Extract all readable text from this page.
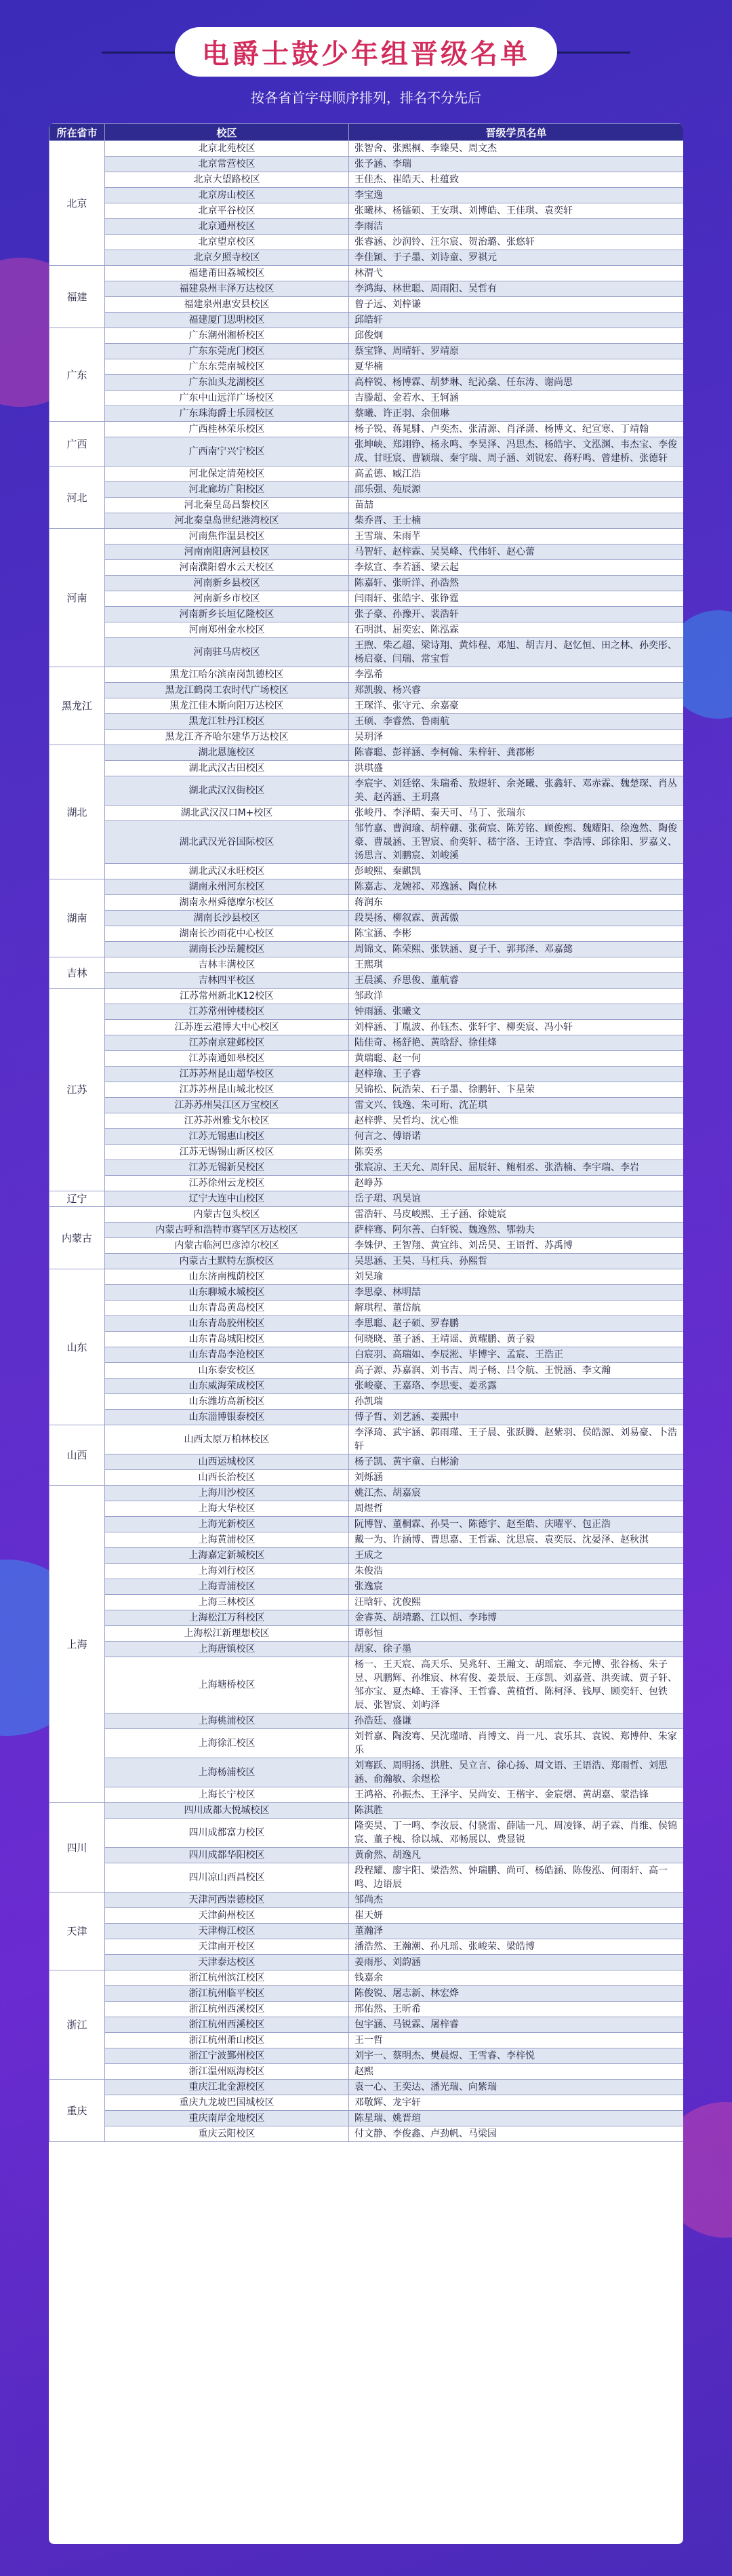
电爵士鼓少年组晋级名单
按各省首字母顺序排列，排名不分先后
所在省市	校区	晋级学员名单
北京	北京北苑校区	张智舍、张熙桐、李臻昊、周文杰
	北京常营校区	张予涵、李瑞
	北京大望路校区	王佳杰、崔皓天、杜蕴致
	北京房山校区	李宝逸
	北京平谷校区	张曦林、杨镭硕、王安琪、刘博皓、王佳琪、袁奕轩
	北京通州校区	李雨洁
	北京望京校区	张睿涵、沙润铃、汪尔宸、贺治璐、张悠轩
	北京夕照寺校区	李佳颖、于子墨、刘诗童、罗祺元
福建	福建莆田荔城校区	林渭弋
	福建泉州丰泽万达校区	李鸿海、林世聪、周雨阳、吴哲有
	福建泉州惠安县校区	曾子远、刘梓谦
	福建厦门思明校区	邱皓轩
广东	广东潮州湘桥校区	邱俊炯
	广东东莞虎门校区	蔡宝锋、周晴轩、罗靖原
	广东东莞南城校区	夏华楠
	广东汕头龙湖校区	高梓锐、杨博霖、胡梦琳、纪沁燊、任东涛、谢尚思
	广东中山远洋广场校区	吉滕超、金若水、王轲涵
	广东珠海爵士乐园校区	蔡曦、许正羽、余佃琳
广西	广西桂林荣乐校区	杨子锐、蒋晁騑、卢奕杰、张清源、肖泽潇、杨博文、纪宣寒、丁靖翰
	广西南宁兴宁校区	张坤峡、郑翊铮、杨永鸣、李昊泽、冯思杰、杨皓宇、文泓渊、韦杰宝、李俊成、甘旺宸、曹颖瑞、秦宇瑞、周子涵、刘锐宏、蒋籽鸣、曾建桥、张德轩
河北	河北保定清苑校区	高孟德、臧江浩
	河北廊坊广阳校区	邵乐强、苑辰源
	河北秦皇岛昌黎校区	苗喆
	河北秦皇岛世纪港湾校区	柴乔晋、王士楠
河南	河南焦作温县校区	王雪瑞、朱雨芊
	河南南阳唐河县校区	马智轩、赵梓霖、吴昊峰、代伟轩、赵心蕾
	河南濮阳碧水云天校区	李炫宣、李若涵、梁云起
	河南新乡县校区	陈嘉轩、张昕洋、孙浩然
	河南新乡市校区	闫雨轩、张皓宇、张铮霆
	河南新乡长垣亿隆校区	张子豪、孙豫开、裴浩轩
	河南郑州金水校区	石明淇、屈奕宏、陈泓霖
	河南驻马店校区	王煦、柴乙超、梁诗翔、黄炜程、邓旭、胡吉月、赵忆恒、田之林、孙奕彤、杨启豪、闫瑞、常宝哲
黑龙江	黑龙江哈尔滨南岗凯德校区	李泓希
	黑龙江鹤岗工农时代广场校区	郑凯骏、杨兴睿
	黑龙江佳木斯向阳万达校区	王琛洋、张守元、余嘉豪
	黑龙江牡丹江校区	王硕、李睿然、鲁雨航
	黑龙江齐齐哈尔建华万达校区	吴玥泽
湖北	湖北恩施校区	陈睿聪、彭祥涵、李柯翰、朱梓轩、龚郡彬
	湖北武汉古田校区	洪琪盛
	湖北武汉汉街校区	李宸宇、刘廷铭、朱瑞希、敖煜轩、余尧曦、张鑫轩、邓赤霖、魏楚琛、肖丛美、赵芮涵、王玥熹
	湖北武汉汉口M+校区	张峻丹、李泽晴、秦天可、马丁、张瑞东
	湖北武汉光谷国际校区	邹竹嘉、曹润瑜、胡梓硼、张荷宸、陈芳铭、顾俊熙、魏耀阳、徐逸然、陶俊豪、曹晟涵、王智宸、俞奕轩、嵇宇洛、王诗宜、李浩博、邱徐阳、罗嘉义、汤思言、刘鹏宸、刘峻溪
	湖北武汉永旺校区	彭峻熙、秦麒凯
湖南	湖南永州河东校区	陈嘉志、龙婉祁、邓逸涵、陶位林
	湖南永州舜德摩尔校区	蒋润东
	湖南长沙县校区	段昊扬、柳叙霖、黄茜傲
	湖南长沙雨花中心校区	陈宝涵、李彬
	湖南长沙岳麓校区	周锦文、陈荣熙、张铁涵、夏子千、郭邦泽、邓嘉懿
吉林	吉林丰满校区	王熙琪
	吉林四平校区	王晨溪、乔思俊、董航睿
江苏	江苏常州新北K12校区	邹政洋
	江苏常州钟楼校区	钟雨涵、张曦文
	江苏连云港博大中心校区	刘梓涵、丁胤波、孙钰杰、张轩宇、柳奕宸、冯小轩
	江苏南京建邺校区	陆佳奇、杨舒艳、黄晗舒、徐佳烽
	江苏南通如皋校区	黄瑞聪、赵一何
	江苏苏州昆山超华校区	赵梓瑜、王子睿
	江苏苏州昆山城北校区	吴锦松、阮浩荣、石子墨、徐鹏轩、卞星荣
	江苏苏州吴江区万宝校区	雷文兴、钱逸、朱可珩、沈芷琪
	江苏苏州雅戈尔校区	赵梓骅、吴哲均、沈心惟
	江苏无锡惠山校区	何言之、傅语诺
	江苏无锡锡山新区校区	陈奕丞
	江苏无锡新吴校区	张宸凉、王天允、周轩民、屈辰轩、鲍相丞、张浩楠、李宇瑞、李岩
	江苏徐州云龙校区	赵峥苏
辽宁	辽宁大连中山校区	岳子珺、巩昊谊
内蒙古	内蒙古包头校区	雷浩轩、马皮峻熙、王子涵、徐婕宸
	内蒙古呼和浩特市赛罕区万达校区	萨梓骞、阿尔善、白轩锐、魏逸然、鄂勃夫
	内蒙古临河巴彦淖尔校区	李姝伊、王智翔、黄宜纬、刘岳昊、王语哲、苏禹博
	内蒙古土默特左旗校区	吴思涵、王昊、马杠兵、孙熙哲
山东	山东济南槐荫校区	刘昊瑜
	山东聊城水城校区	李思豪、林明喆
	山东青岛黄岛校区	解琪程、董岱航
	山东青岛胶州校区	李思聪、赵子硕、罗春鹏
	山东青岛城阳校区	何晓晓、董子涵、王靖谣、黄耀鹏、黄子毅
	山东青岛李沧校区	白宸羽、高瑞如、李辰淞、毕博宇、孟宸、王浩正
	山东泰安校区	高子源、苏嘉润、刘书吉、周子畅、吕令航、王悦涵、李文瀚
	山东威海荣成校区	张峻豪、王嘉珞、李思雯、姜丞露
	山东潍坊高新校区	孙凯瑞
	山东淄博银泰校区	傅子哲、刘艺涵、姜熙中
山西	山西太原万柏林校区	李泽琦、武宇涵、郭雨瑾、王子晨、张跃腾、赵紫羽、侯皓源、刘易豪、卜浩轩
	山西运城校区	杨子凯、黄宇童、白彬渝
	山西长治校区	刘烁涵
上海	上海川沙校区	姚江杰、胡嘉宸
	上海大华校区	周煜哲
	上海光新校区	阮博智、董桐霖、孙昊一、陈德宇、赵至皓、庆曜平、包正浩
	上海黄浦校区	戴一为、许涵博、曹思嘉、王哲霖、沈思宸、袁奕辰、沈晏泽、赵秋淇
	上海嘉定新城校区	王成之
	上海刘行校区	朱俊浩
	上海青浦校区	张逸宸
	上海三林校区	汪晗轩、沈俊熙
	上海松江万科校区	金睿英、胡靖璐、江以恒、李玮博
	上海松江新理想校区	谭彰恒
	上海唐镇校区	胡家、徐子墨
	上海塘桥校区	杨一、王天宸、高天乐、吴兆轩、王瀚文、胡瑶宸、李元博、张谷杨、朱子昱、巩鹏辉、孙维宸、林宥俊、姜景辰、王彦凯、刘嘉萱、洪奕诚、贾子轩、邹亦宝、夏杰峰、王睿泽、王哲睿、黄植哲、陈柯泽、钱厚、顾奕轩、包铁辰、张智宸、刘屿泽
	上海桃浦校区	孙浩廷、盛谦
	上海徐汇校区	刘哲嘉、陶浚骞、吴沈瑾晴、肖博文、肖一凡、袁乐其、袁锐、郑博仲、朱家乐
	上海杨浦校区	刘骞跃、周明扬、洪胜、吴立言、徐心扬、周文语、王语浩、郑雨哲、刘思涵、俞瀚敏、余煜松
	上海长宁校区	王鸿裕、孙振杰、王泽宇、吴尚安、王楷宇、金宸熠、黄胡嘉、蒙浩锋
四川	四川成都大悦城校区	陈淇胜
	四川成都富力校区	隆奕昊、丁一鸣、李汝辰、付骁雷、薛陆一凡、周凌锋、胡子霖、肖维、侯锦宸、董子槐、徐以城、邓畅展以、费显锐
	四川成都华阳校区	黄俞然、胡逸凡
	四川凉山西昌校区	段程耀、廖宇阳、梁浩然、钟瑞鹏、尚可、杨皓涵、陈俊泓、何雨轩、高一鸣、边语辰
天津	天津河西崇德校区	邹尚杰
	天津蓟州校区	崔天妍
	天津梅江校区	董瀚泽
	天津南开校区	潘浩然、王瀚潮、孙凡瑶、张峻荣、梁皓博
	天津泰达校区	姜雨彤、刘韵涵
浙江	浙江杭州滨江校区	钱嘉余
	浙江杭州临平校区	陈俊锐、屠志新、林宏烨
	浙江杭州西溪校区	邢佑然、王昕希
	浙江杭州西溪校区	包宇涵、马锐霖、屠梓睿
	浙江杭州萧山校区	王一哲
	浙江宁波鄞州校区	刘宇一、蔡明杰、樊晨煜、王雪睿、李梓悦
	浙江温州瓯海校区	赵熙
重庆	重庆江北金源校区	袁一心、王奕达、潘光瑞、向紫瑞
	重庆九龙坡巴国城校区	邓敬辉、龙宇轩
	重庆南岸金地校区	陈星瑞、姚晋瑄
	重庆云阳校区	付文静、李俊鑫、卢劲帆、马梁园
